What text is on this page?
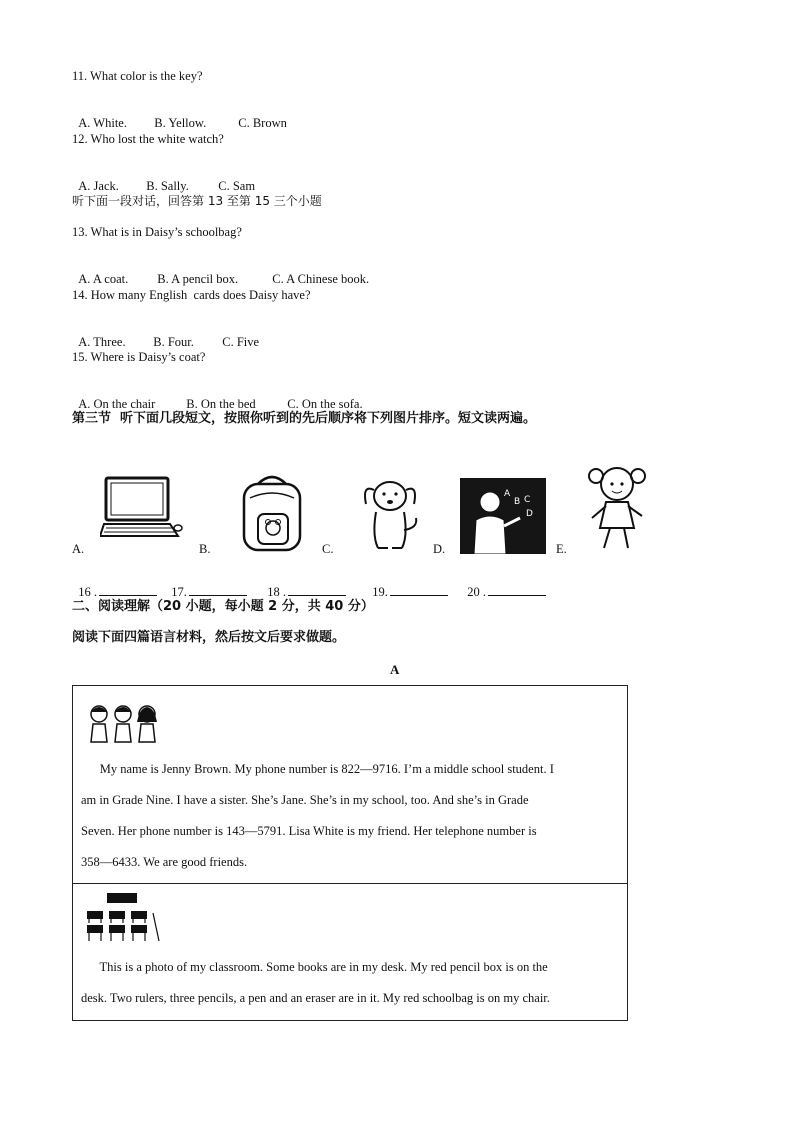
11. What color is the key?

A. White. B. Yellow.	C. Brown

12. Who lost the white watch?

A. Jack. B. Sally. C. Sam

听下面一段对话，回答第 13 至第 15 三个小题
13. What is in Daisy’s schoolbag?

A. A coat. B. A pencil box.	C. A Chinese book.

14. How many English  cards does Daisy have?

A. Three. B. Four. C. Five

15. Where is Daisy’s coat?

A. On the chair B. On the bed	C. On the sofa.

第三节  听下面几段短文，按照你听到的先后顺序将下列图片排序。短文读两遍。
A.	B.	C.	D.
A
B C
D
E.

16 .	17.	18 .	19.	20 .

二、阅读理解（20 小题，每小题 2 分，共 40 分）
阅读下面四篇语言材料，然后按文后要求做题。
A
My name is Jenny Brown. My phone number is 822—9716. I’m a middle school student. I
am in Grade Nine. I have a sister. She’s Jane. She’s in my school, too. And she’s in Grade
Seven. Her phone number is 143—5791. Lisa White is my friend. Her telephone number is
358—6433. We are good friends.
This is a photo of my classroom. Some books are in my desk. My red pencil box is on the
desk. Two rulers, three pencils, a pen and an eraser are in it. My red schoolbag is on my chair.
